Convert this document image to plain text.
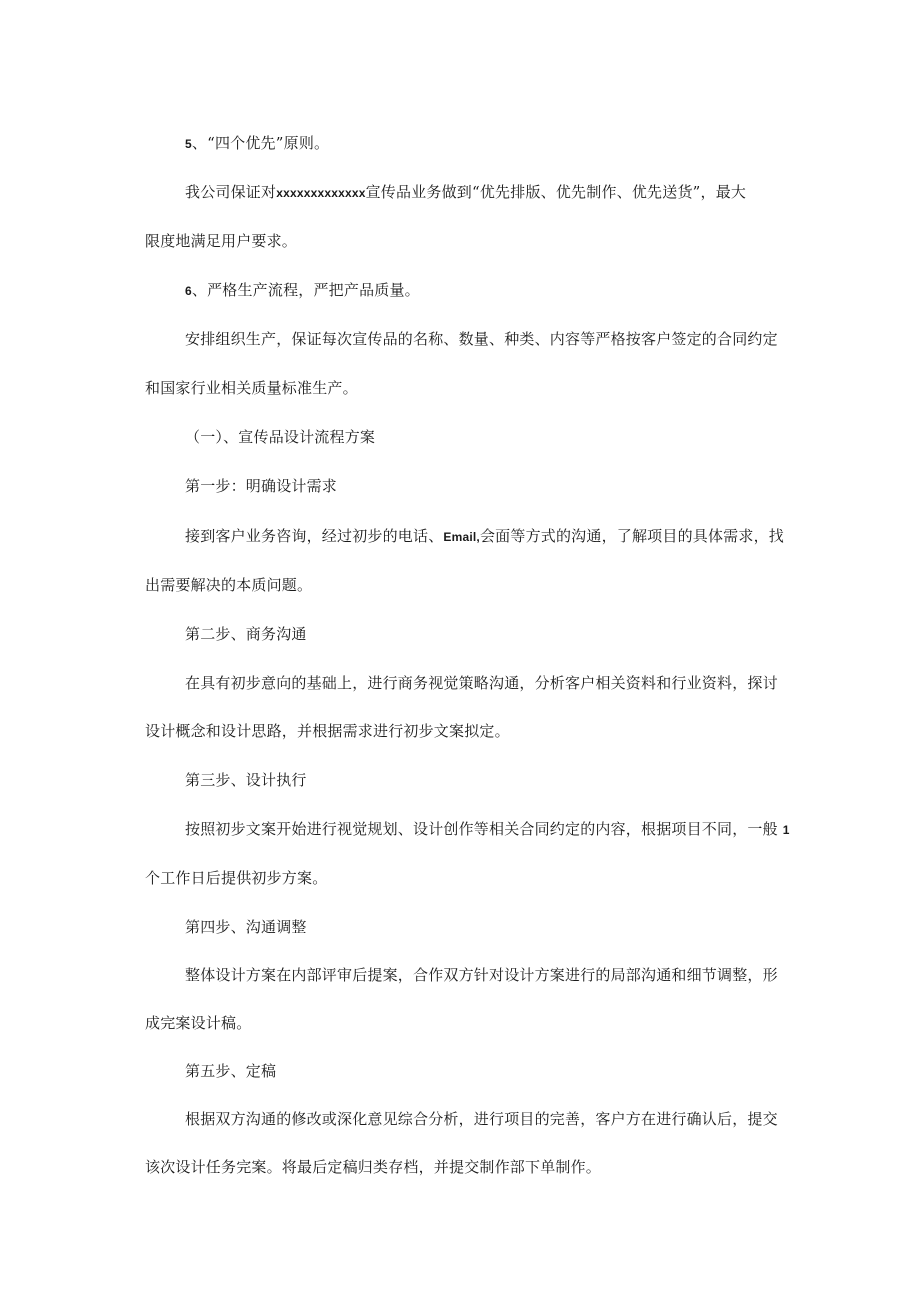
5、“四个优先”原则。
我公司保证对xxxxxxxxxxxxx宣传品业务做到“优先排版、优先制作、优先送货”，最大
限度地满足用户要求。
6、严格生产流程，严把产品质量。
安排组织生产，保证每次宣传品的名称、数量、种类、内容等严格按客户签定的合同约定
和国家行业相关质量标准生产。
（一）、宣传品设计流程方案
第一步：明确设计需求
接到客户业务咨询，经过初步的电话、Email,会面等方式的沟通，了解项目的具体需求，找
出需要解决的本质问题。
第二步、商务沟通
在具有初步意向的基础上，进行商务视觉策略沟通，分析客户相关资料和行业资料，探讨
设计概念和设计思路，并根据需求进行初步文案拟定。
第三步、设计执行
按照初步文案开始进行视觉规划、设计创作等相关合同约定的内容，根据项目不同，一般 1
个工作日后提供初步方案。
第四步、沟通调整
整体设计方案在内部评审后提案，合作双方针对设计方案进行的局部沟通和细节调整，形
成完案设计稿。
第五步、定稿
根据双方沟通的修改或深化意见综合分析，进行项目的完善，客户方在进行确认后，提交
该次设计任务完案。将最后定稿归类存档，并提交制作部下单制作。
